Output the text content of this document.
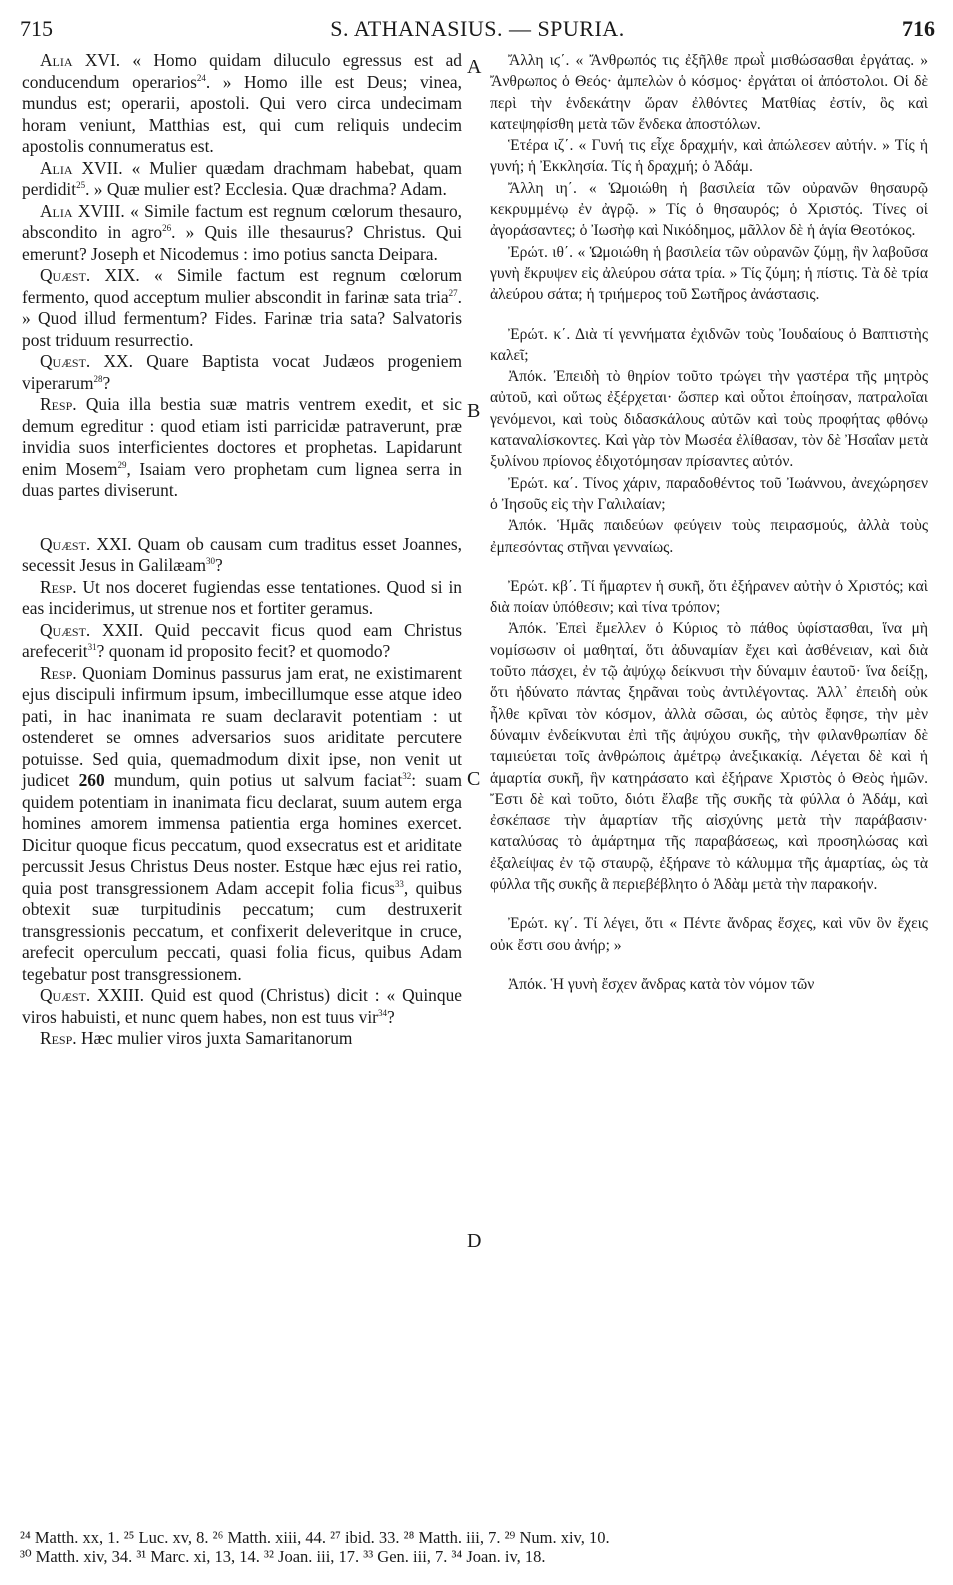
715	S. ATHANASIUS. — SPURIA.	716
A
B
C
D

Alia XVI. « Homo quidam diluculo egressus est ad conducendum operarios$^{24}$. » Homo ille est Deus; vinea, mundus est; operarii, apostoli. Qui vero circa undecimam horam veniunt, Matthias est, qui cum reliquis undecim apostolis connumeratus est.

Alia XVII. « Mulier quædam drachmam habebat, quam perdidit$^{25}$. » Quæ mulier est? Ecclesia. Quæ drachma? Adam.

Alia XVIII. « Simile factum est regnum cœlorum thesauro, abscondito in agro$^{26}$. » Quis ille thesaurus? Christus. Qui emerunt? Joseph et Nicodemus : imo potius sancta Deipara.

Quæst. XIX. « Simile factum est regnum cœlorum fermento, quod acceptum mulier abscondit in farinæ sata tria$^{27}$. » Quod illud fermentum? Fides. Farinæ tria sata? Salvatoris post triduum resurrectio.

Quæst. XX. Quare Baptista vocat Judæos progeniem viperarum$^{28}$?

Resp. Quia illa bestia suæ matris ventrem exedit, et sic demum egreditur : quod etiam isti parricidæ patraverunt, præ invidia suos interficientes doctores et prophetas. Lapidarunt enim Mosem$^{29}$, Isaiam vero prophetam cum lignea serra in duas partes diviserunt.

Quæst. XXI. Quam ob causam cum traditus esset Joannes, secessit Jesus in Galilæam$^{30}$?

Resp. Ut nos doceret fugiendas esse tentationes. Quod si in eas inciderimus, ut strenue nos et fortiter geramus.

Quæst. XXII. Quid peccavit ficus quod eam Christus arefecerit$^{31}$? quonam id proposito fecit? et quomodo?

Resp. Quoniam Dominus passurus jam erat, ne existimarent ejus discipuli infirmum ipsum, imbecillumque esse atque ideo pati, in hac inanimata re suam declaravit potentiam : ut ostenderet se omnes adversarios suos ariditate percutere potuisse. Sed quia, quemadmodum dixit ipse, non venit ut judicet 260 mundum, quin potius ut salvum faciat$^{32}$: suam quidem potentiam in inanimata ficu declarat, suum autem erga homines amorem immensa patientia erga homines exercet. Dicitur quoque ficus peccatum, quod exsecratus est et ariditate percussit Jesus Christus Deus noster. Estque hæc ejus rei ratio, quia post transgressionem Adam accepit folia ficus$^{33}$, quibus obtexit suæ turpitudinis peccatum; cum destruxerit transgressionis peccatum, et confixerit deleveritque in cruce, arefecit operculum peccati, quasi folia ficus, quibus Adam tegebatur post transgressionem.

Quæst. XXIII. Quid est quod (Christus) dicit : « Quinque viros habuisti, et nunc quem habes, non est tuus vir$^{34}$?

Resp. Hæc mulier viros juxta Samaritanorum

Ἄλλη ιϛ΄. « Ἄνθρωπός τις ἐξῆλθε πρωῒ μισθώσασθαι ἐργάτας. » Ἄνθρωπος ὁ Θεός· ἀμπελὼν ὁ κόσμος· ἐργάται οἱ ἀπόστολοι. Οἱ δὲ περὶ τὴν ἑνδεκάτην ὥραν ἐλθόντες Ματθίας ἐστίν, ὃς καὶ κατεψηφίσθη μετὰ τῶν ἕνδεκα ἀποστόλων.

Ἑτέρα ιζ΄. « Γυνή τις εἶχε δραχμήν, καὶ ἀπώλεσεν αὐτήν. » Τίς ἡ γυνή; ἡ Ἐκκλησία. Τίς ἡ δραχμή; ὁ Ἀδάμ.

Ἄλλη ιη΄. « Ὡμοιώθη ἡ βασιλεία τῶν οὐρανῶν θησαυρῷ κεκρυμμένῳ ἐν ἀγρῷ. » Τίς ὁ θησαυρός; ὁ Χριστός. Τίνες οἱ ἀγοράσαντες; ὁ Ἰωσὴφ καὶ Νικόδημος, μᾶλλον δὲ ἡ ἁγία Θεοτόκος.

Ἐρώτ. ιθ΄. « Ὡμοιώθη ἡ βασιλεία τῶν οὐρανῶν ζύμῃ, ἣν λαβοῦσα γυνὴ ἔκρυψεν εἰς ἀλεύρου σάτα τρία. » Τίς ζύμη; ἡ πίστις. Τὰ δὲ τρία ἀλεύρου σάτα; ἡ τριήμερος τοῦ Σωτῆρος ἀνάστασις.

Ἐρώτ. κ΄. Διὰ τί γεννήματα ἐχιδνῶν τοὺς Ἰουδαίους ὁ Βαπτιστὴς καλεῖ;

Ἀπόκ. Ἐπειδὴ τὸ θηρίον τοῦτο τρώγει τὴν γαστέρα τῆς μητρὸς αὐτοῦ, καὶ οὕτως ἐξέρχεται· ὥσπερ καὶ οὗτοι ἐποίησαν, πατραλοῖαι γενόμενοι, καὶ τοὺς διδασκάλους αὐτῶν καὶ τοὺς προφήτας φθόνῳ καταναλίσκοντες. Καὶ γὰρ τὸν Μωσέα ἐλίθασαν, τὸν δὲ Ἠσαΐαν μετὰ ξυλίνου πρίονος ἐδιχοτόμησαν πρίσαντες αὐτόν.

Ἐρώτ. κα΄. Τίνος χάριν, παραδοθέντος τοῦ Ἰωάννου, ἀνεχώρησεν ὁ Ἰησοῦς εἰς τὴν Γαλιλαίαν;

Ἀπόκ. Ἡμᾶς παιδεύων φεύγειν τοὺς πειρασμούς, ἀλλὰ τοὺς ἐμπεσόντας στῆναι γενναίως.

Ἐρώτ. κβ΄. Τί ἥμαρτεν ἡ συκῆ, ὅτι ἐξήρανεν αὐτὴν ὁ Χριστός; καὶ διὰ ποίαν ὑπόθεσιν; καὶ τίνα τρόπον;

Ἀπόκ. Ἐπεὶ ἔμελλεν ὁ Κύριος τὸ πάθος ὑφίστασθαι, ἵνα μὴ νομίσωσιν οἱ μαθηταί, ὅτι ἀδυναμίαν ἔχει καὶ ἀσθένειαν, καὶ διὰ τοῦτο πάσχει, ἐν τῷ ἀψύχῳ δείκνυσι τὴν δύναμιν ἑαυτοῦ· ἵνα δείξῃ, ὅτι ἠδύνατο πάντας ξηρᾶναι τοὺς ἀντιλέγοντας. Ἀλλ᾽ ἐπειδὴ οὐκ ἦλθε κρῖναι τὸν κόσμον, ἀλλὰ σῶσαι, ὡς αὐτὸς ἔφησε, τὴν μὲν δύναμιν ἐνδείκνυται ἐπὶ τῆς ἀψύχου συκῆς, τὴν φιλανθρωπίαν δὲ ταμιεύεται τοῖς ἀνθρώποις ἀμέτρῳ ἀνεξικακίᾳ. Λέγεται δὲ καὶ ἡ ἁμαρτία συκῆ, ἣν κατηράσατο καὶ ἐξήρανε Χριστὸς ὁ Θεὸς ἡμῶν. Ἔστι δὲ καὶ τοῦτο, διότι ἔλαβε τῆς συκῆς τὰ φύλλα ὁ Ἀδάμ, καὶ ἐσκέπασε τὴν ἁμαρτίαν τῆς αἰσχύνης μετὰ τὴν παράβασιν· καταλύσας τὸ ἁμάρτημα τῆς παραβάσεως, καὶ προσηλώσας καὶ ἐξαλείψας ἐν τῷ σταυρῷ, ἐξήρανε τὸ κάλυμμα τῆς ἁμαρτίας, ὡς τὰ φύλλα τῆς συκῆς ἃ περιεβέβλητο ὁ Ἀδὰμ μετὰ τὴν παρακοήν.

Ἐρώτ. κγ΄. Τί λέγει, ὅτι « Πέντε ἄνδρας ἔσχες, καὶ νῦν ὃν ἔχεις οὐκ ἔστι σου ἀνήρ; »

Ἀπόκ. Ἡ γυνὴ ἔσχεν ἄνδρας κατὰ τὸν νόμον τῶν

²⁴ Matth. xx, 1. ²⁵ Luc. xv, 8. ²⁶ Matth. xiii, 44. ²⁷ ibid. 33. ²⁸ Matth. iii, 7. ²⁹ Num. xiv, 10.
³⁰ Matth. xiv, 34. ³¹ Marc. xi, 13, 14. ³² Joan. iii, 17. ³³ Gen. iii, 7. ³⁴ Joan. iv, 18.
